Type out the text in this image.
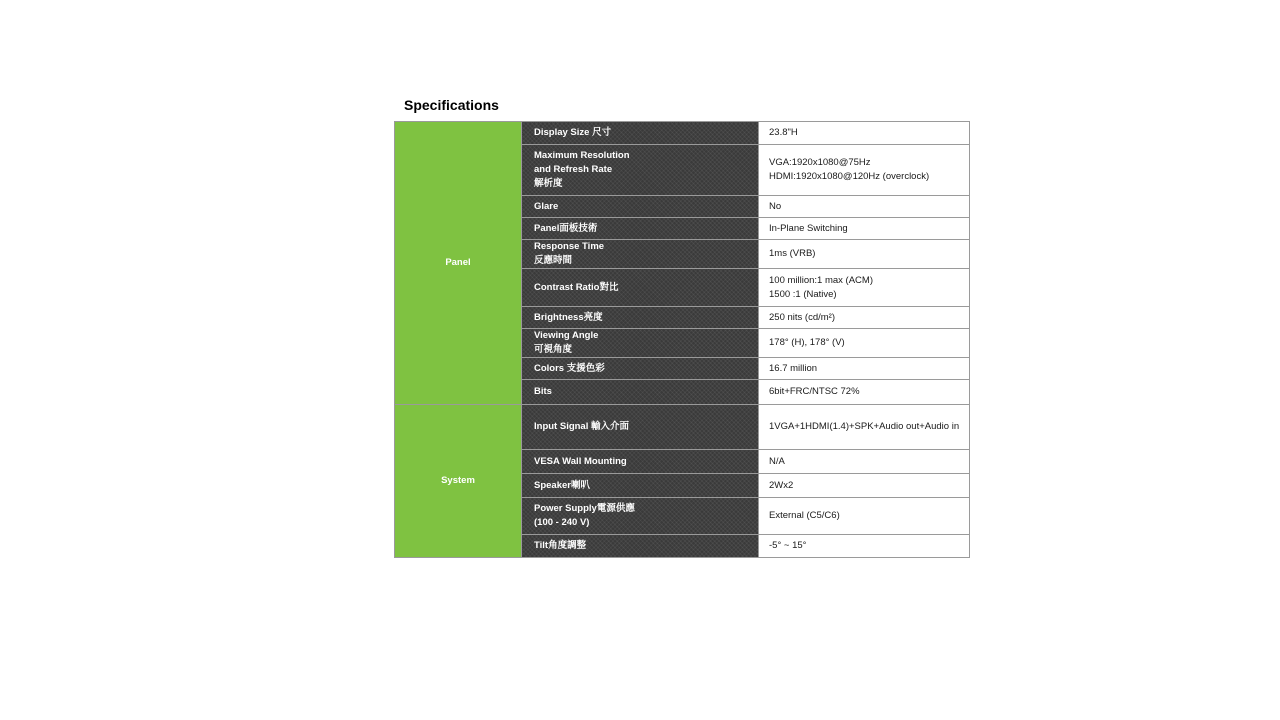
Specifications
Panel	Display Size 尺寸	23.8"H

	Maximum Resolution
and Refresh Rate
解析度	VGA:1920x1080@75Hz
HDMI:1920x1080@120Hz (overclock)

	Glare	No

	Panel面板技術	In-Plane Switching

	Response Time
反應時間	1ms (VRB)

	Contrast Ratio對比	100 million:1 max (ACM)
1500 :1 (Native)

	Brightness亮度	250 nits (cd/m²)

	Viewing Angle
可視角度	178° (H), 178° (V)

	Colors 支援色彩	16.7 million

	Bits	6bit+FRC/NTSC 72%

System	Input Signal 輸入介面	1VGA+1HDMI(1.4)+SPK+Audio out+Audio in

	VESA Wall Mounting	N/A

	Speaker喇叭	2Wx2

	Power Supply電源供應
(100 - 240 V)	External (C5/C6)

	Tilt角度調整	-5° ~ 15°
